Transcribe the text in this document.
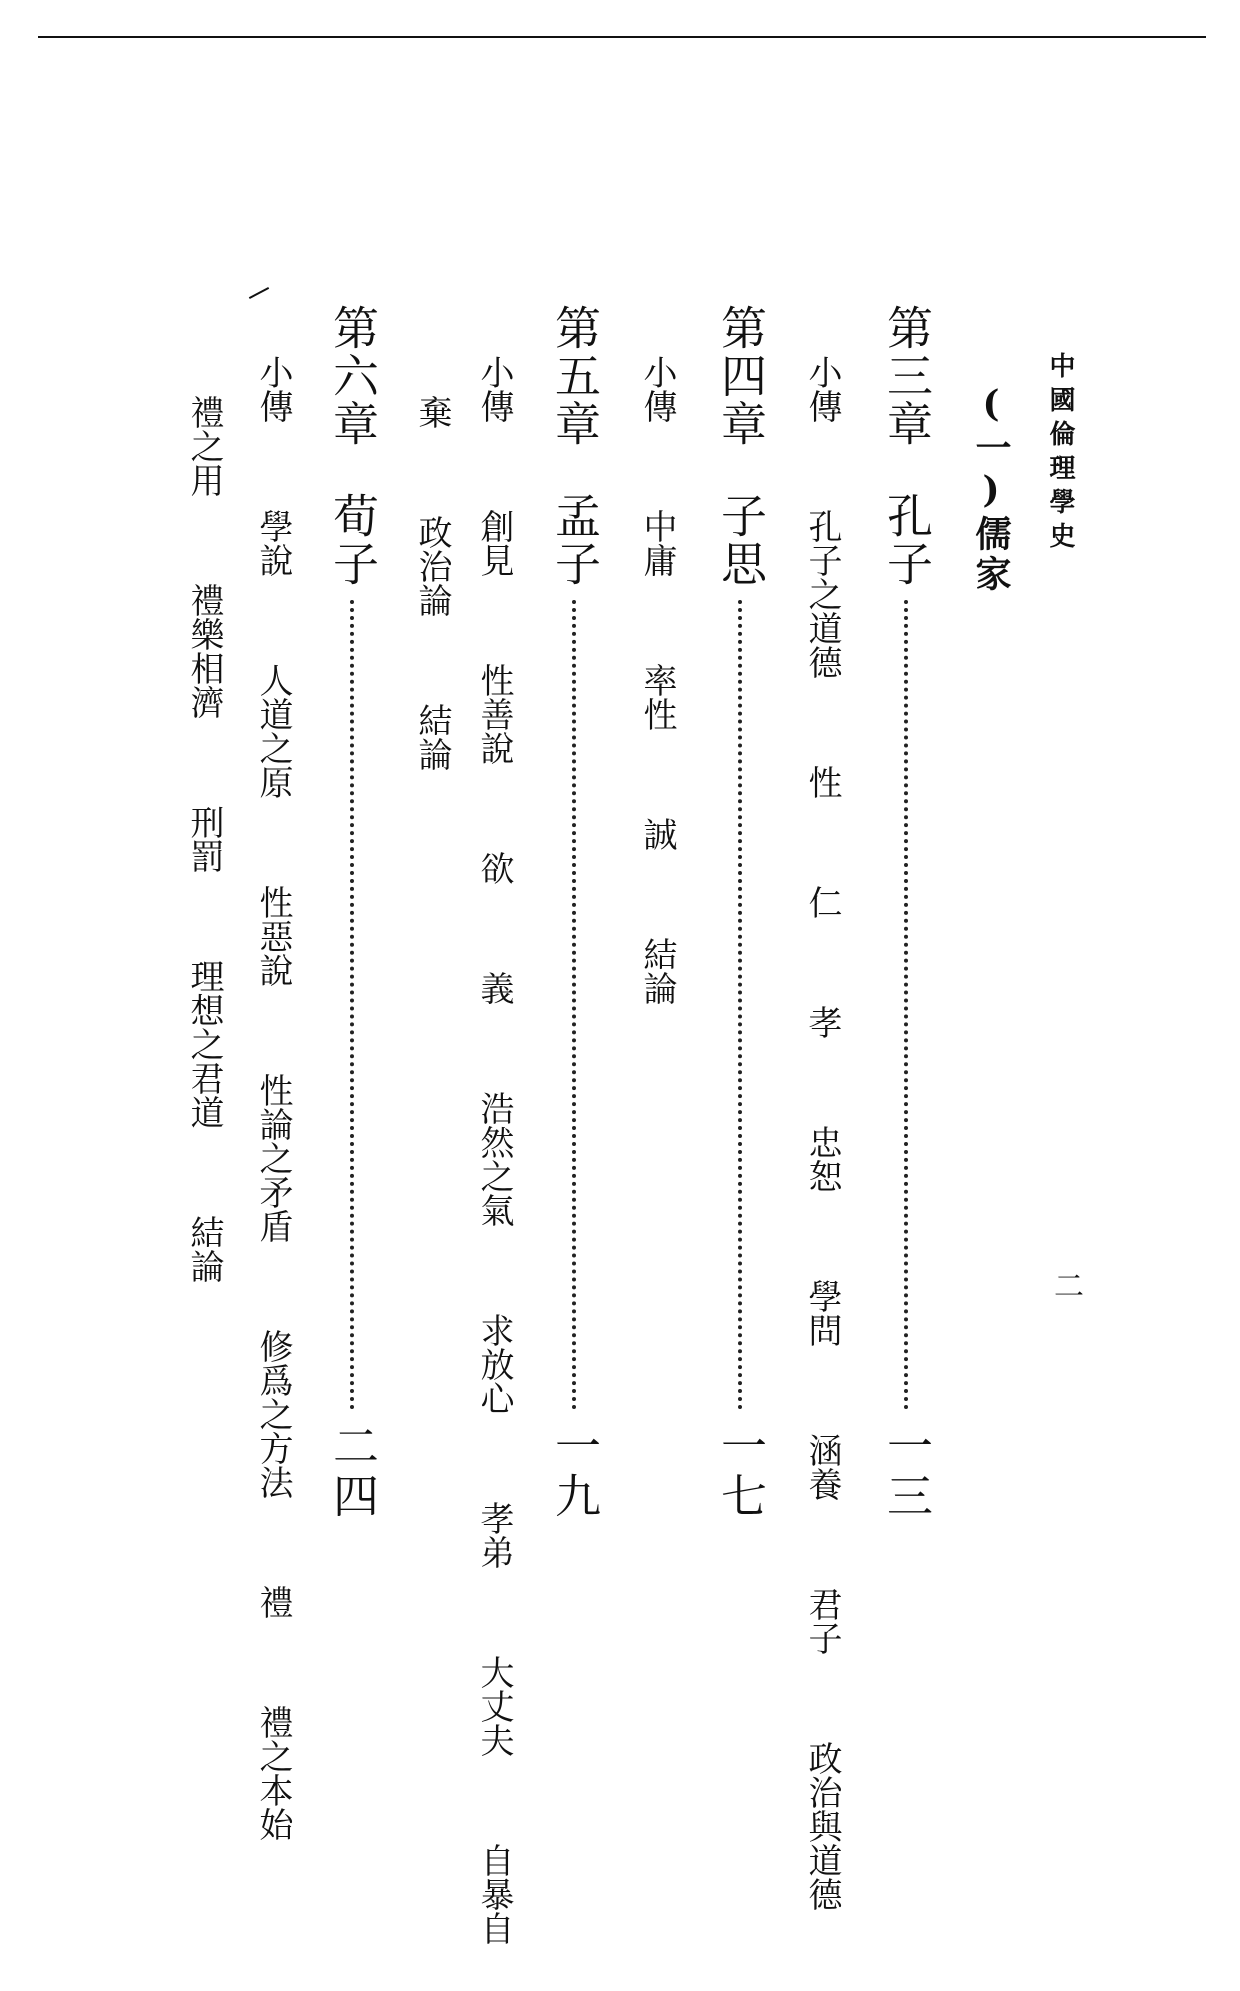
中國倫理學史
二
(一)儒家
第三章
孔子
一三
小傳 孔子之道德 性 仁 孝 忠恕 學問 涵養 君子 政治與道德
第四章
子思
一七
小傳 中庸 率性 誠 結論
第五章
孟子
一九
小傳 創見 性善說 欲 義 浩然之氣 求放心 孝弟 大丈夫 自暴自
棄 政治論 結論
第六章
荀子
二四
小傳 學說 人道之原 性惡說 性論之矛盾 修爲之方法 禮 禮之本始
禮之用 禮樂相濟 刑罰 理想之君道 結論
